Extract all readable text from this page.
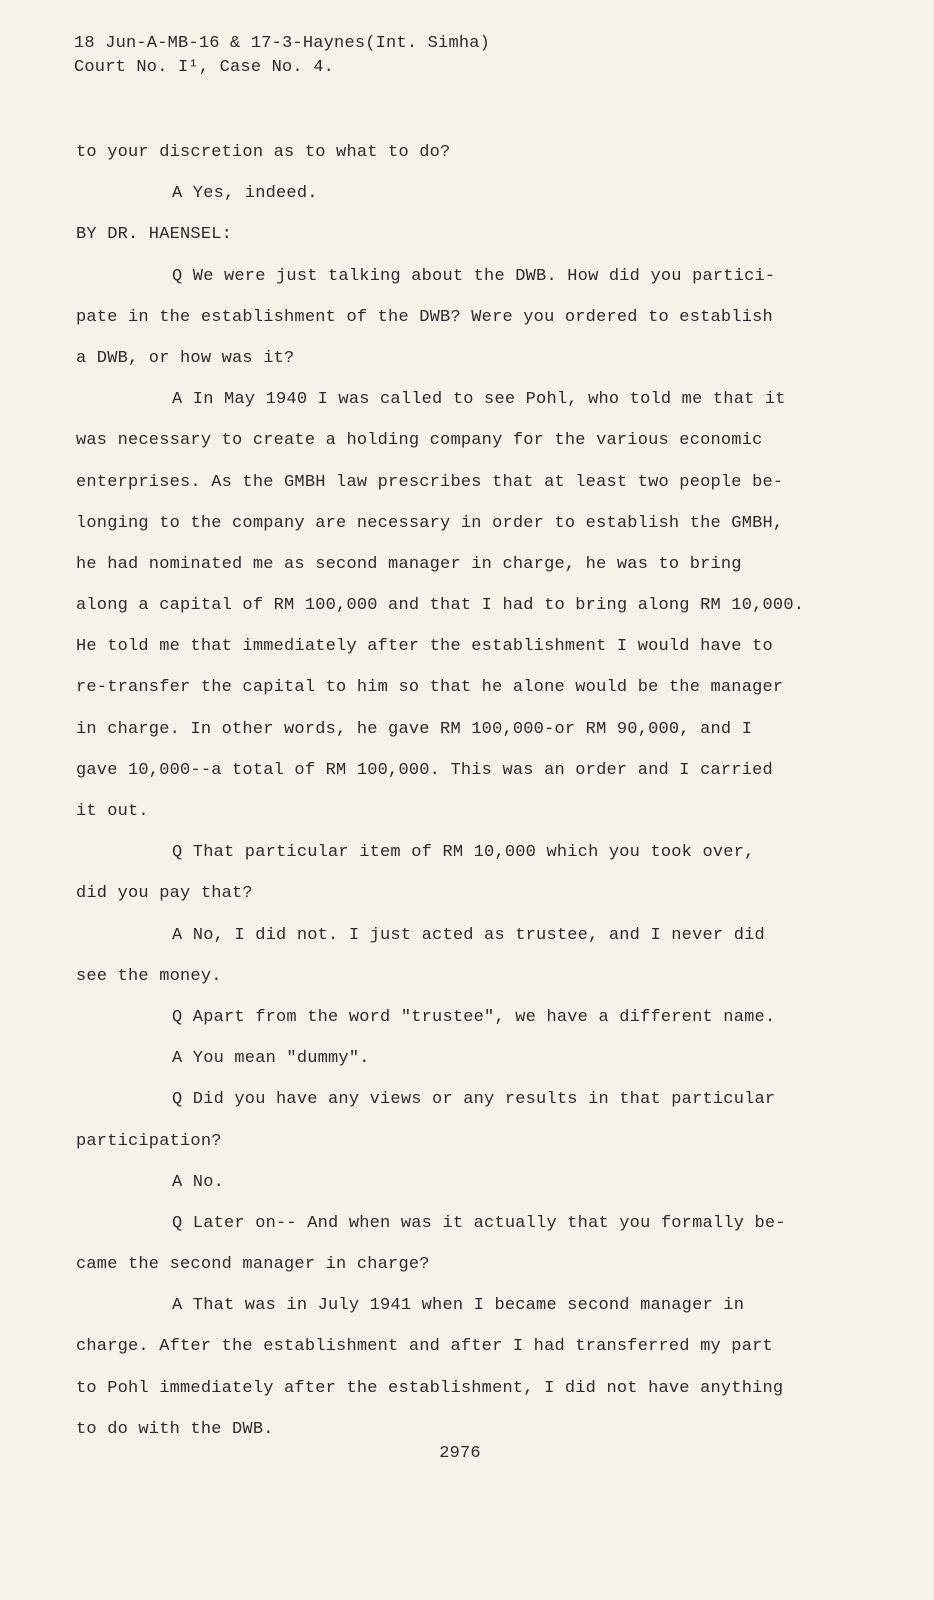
18 Jun-A-MB-16 & 17-3-Haynes(Int. Simha)
Court No. I¹, Case No. 4.
to your discretion as to what to do?
A Yes, indeed.
BY DR. HAENSEL:
Q We were just talking about the DWB. How did you partici-
pate in the establishment of the DWB? Were you ordered to establish
a DWB, or how was it?
A In May 1940 I was called to see Pohl, who told me that it
was necessary to create a holding company for the various economic
enterprises. As the GMBH law prescribes that at least two people be-
longing to the company are necessary in order to establish the GMBH,
he had nominated me as second manager in charge, he was to bring
along a capital of RM 100,000 and that I had to bring along RM 10,000.
He told me that immediately after the establishment I would have to
re-transfer the capital to him so that he alone would be the manager
in charge. In other words, he gave RM 100,000-or RM 90,000, and I
gave 10,000--a total of RM 100,000. This was an order and I carried
it out.
Q That particular item of RM 10,000 which you took over,
did you pay that?
A No, I did not. I just acted as trustee, and I never did
see the money.
Q Apart from the word "trustee", we have a different name.
A You mean "dummy".
Q Did you have any views or any results in that particular
participation?
A No.
Q Later on-- And when was it actually that you formally be-
came the second manager in charge?
A That was in July 1941 when I became second manager in
charge. After the establishment and after I had transferred my part
to Pohl immediately after the establishment, I did not have anything
to do with the DWB.
2976
